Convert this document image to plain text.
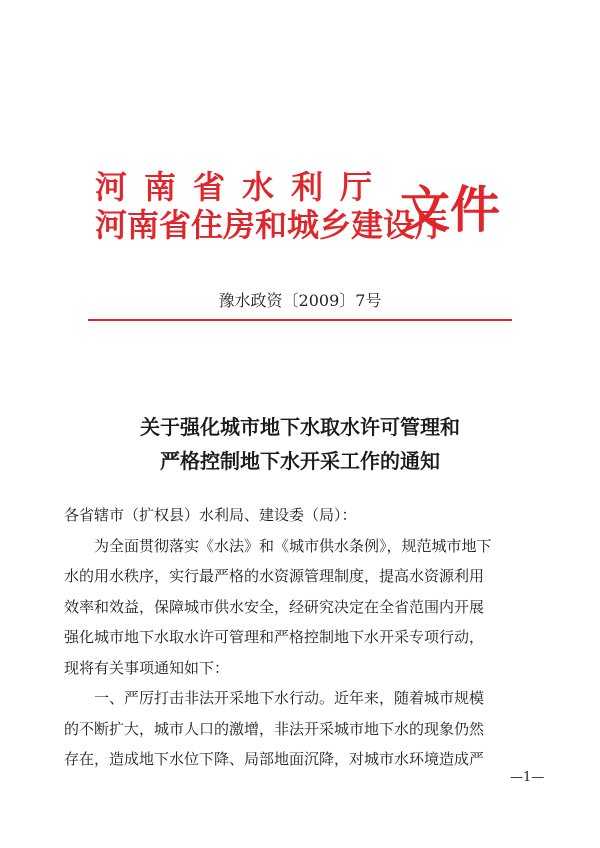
河南省水利厅
河南省住房和城乡建设厅
文件
豫水政资〔2009〕7号
关于强化城市地下水取水许可管理和
严格控制地下水开采工作的通知
各省辖市（扩权县）水利局、建设委（局）：
为全面贯彻落实《水法》和《城市供水条例》，规范城市地下
水的用水秩序，实行最严格的水资源管理制度，提高水资源利用
效率和效益，保障城市供水安全，经研究决定在全省范围内开展
强化城市地下水取水许可管理和严格控制地下水开采专项行动，
现将有关事项通知如下：
一、严厉打击非法开采地下水行动。近年来，随着城市规模
的不断扩大，城市人口的激增，非法开采城市地下水的现象仍然
存在，造成地下水位下降、局部地面沉降，对城市水环境造成严
—1—
